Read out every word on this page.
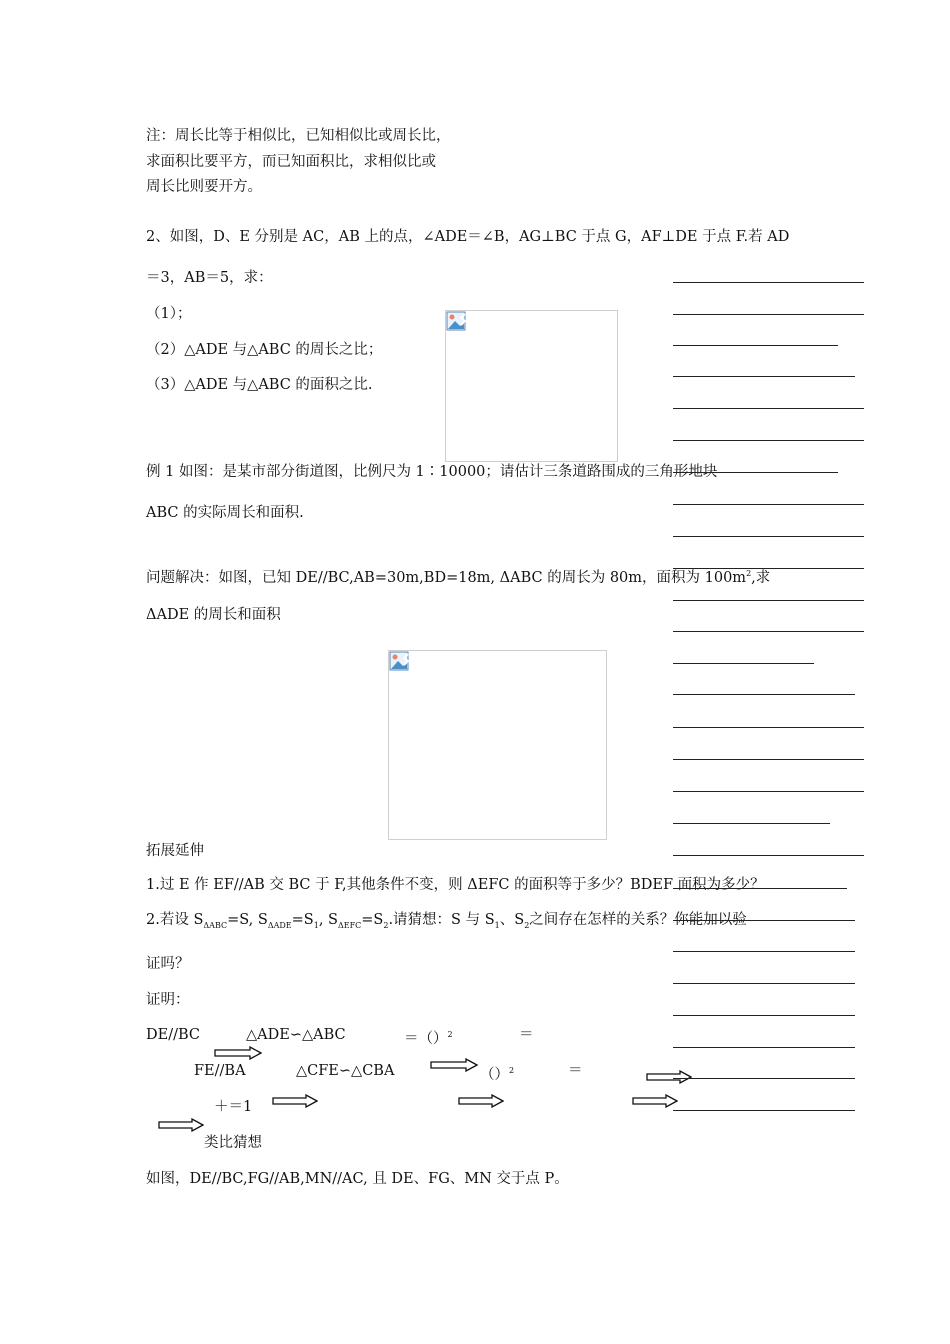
注：周长比等于相似比，已知相似比或周长比，
求面积比要平方，而已知面积比，求相似比或
周长比则要开方。
2、如图，D、E 分别是 AC，AB 上的点，∠ADE＝∠B，AG⊥BC 于点 G，AF⊥DE 于点 F.若 AD
＝3，AB＝5，求：
（1）；
（2）△ADE 与△ABC 的周长之比；
（3）△ADE 与△ABC 的面积之比.
例 1 如图：是某市部分街道图，比例尺为 1∶10000；请估计三条道路围成的三角形地块
ABC 的实际周长和面积.
问题解决：如图，已知 DE//BC,AB=30m,BD=18m, ΔABC 的周长为 80m，面积为 $100m^2$,求
ΔADE 的周长和面积
拓展延伸
1.过 E 作 EF//AB 交 BC 于 F,其他条件不变，则 ΔEFC 的面积等于多少？BDEF 面积为多少？
2.若设 $S_{\Delta ABC}=S$, $S_{\Delta ADE}=S_1$, $S_{\Delta EFC}=S_2$.请猜想：S 与 $S_1$、$S_2$之间存在怎样的关系？你能加以验
证吗？
证明：
DE//BC	△ADE∽△ABC	＝（）$^2$	＝
FE//BA	△CFE∽△CBA	（）$^2$	＝
＋＝1
类比猜想
如图，DE//BC,FG//AB,MN//AC, 且 DE、FG、MN 交于点 P。
